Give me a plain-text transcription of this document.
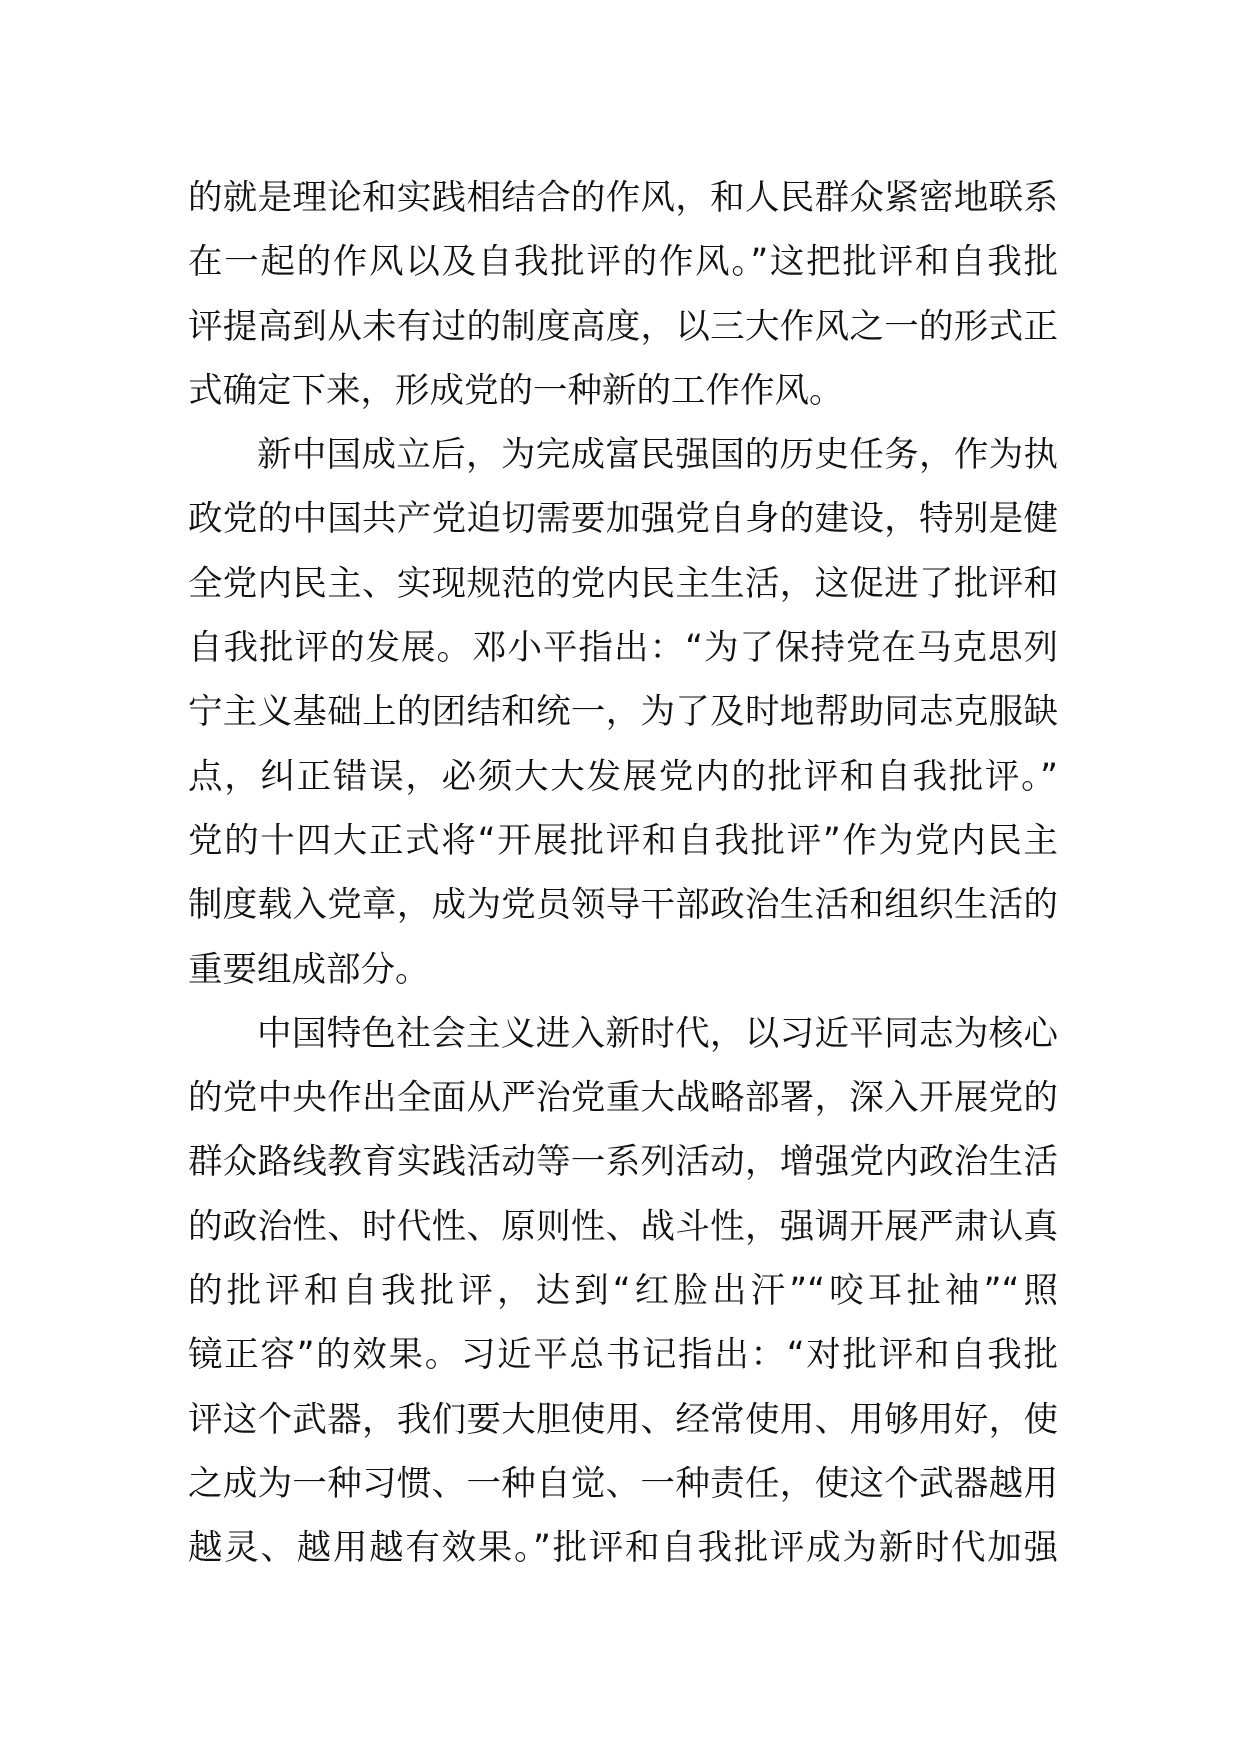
的就是理论和实践相结合的作风，和人民群众紧密地联系
在一起的作风以及自我批评的作风。”这把批评和自我批
评提高到从未有过的制度高度，以三大作风之一的形式正
式确定下来，形成党的一种新的工作作风。
新中国成立后，为完成富民强国的历史任务，作为执
政党的中国共产党迫切需要加强党自身的建设，特别是健
全党内民主、实现规范的党内民主生活，这促进了批评和
自我批评的发展。邓小平指出：“为了保持党在马克思列
宁主义基础上的团结和统一，为了及时地帮助同志克服缺
点，纠正错误，必须大大发展党内的批评和自我批评。”
党的十四大正式将“开展批评和自我批评”作为党内民主
制度载入党章，成为党员领导干部政治生活和组织生活的
重要组成部分。
中国特色社会主义进入新时代，以习近平同志为核心
的党中央作出全面从严治党重大战略部署，深入开展党的
群众路线教育实践活动等一系列活动，增强党内政治生活
的政治性、时代性、原则性、战斗性，强调开展严肃认真
的批评和自我批评，达到“红脸出汗”“咬耳扯袖”“照
镜正容”的效果。习近平总书记指出：“对批评和自我批
评这个武器，我们要大胆使用、经常使用、用够用好，使
之成为一种习惯、一种自觉、一种责任，使这个武器越用
越灵、越用越有效果。”批评和自我批评成为新时代加强
